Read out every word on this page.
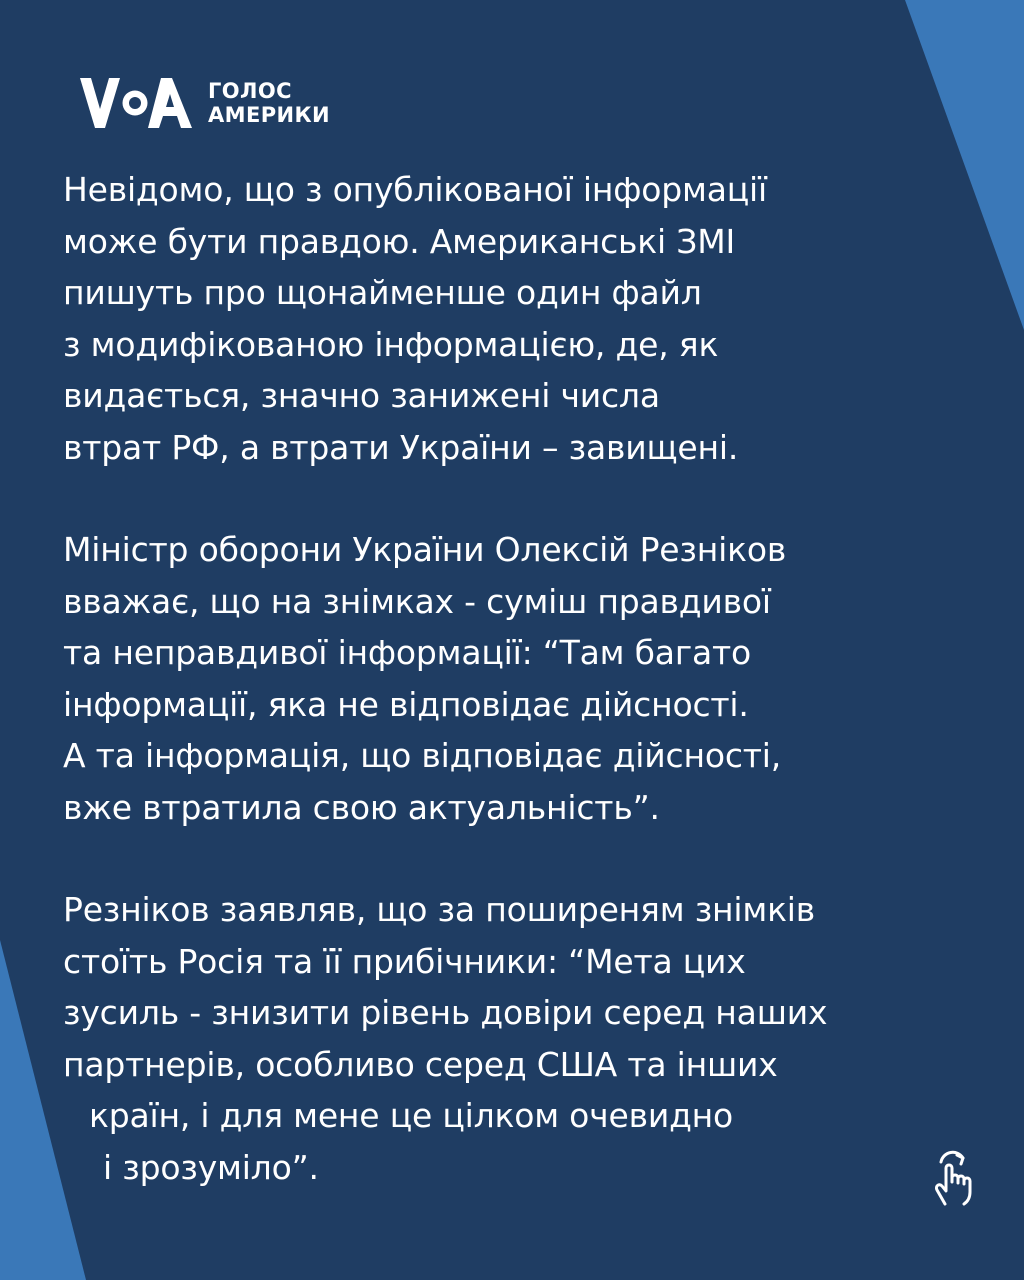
ГОЛОС
АМЕРИКИ
Невідомо, що з опублікованої інформації
може бути правдою. Американські ЗМІ
пишуть про щонайменше один файл
з модифікованою інформацією, де, як
видається, значно занижені числа
втрат РФ, а втрати України – завищені.
Міністр оборони України Олексій Резніков
вважає, що на знімках - суміш правдивої
та неправдивої інформації: “Там багато
інформації, яка не відповідає дійсності.
А та інформація, що відповідає дійсності,
вже втратила свою актуальність”.
Резніков заявляв, що за поширеням знімків
стоїть Росія та її прибічники: “Мета цих
зусиль - знизити рівень довіри серед наших
партнерів, особливо серед США та інших
країн, і для мене це цілком очевидно
і зрозуміло”.
